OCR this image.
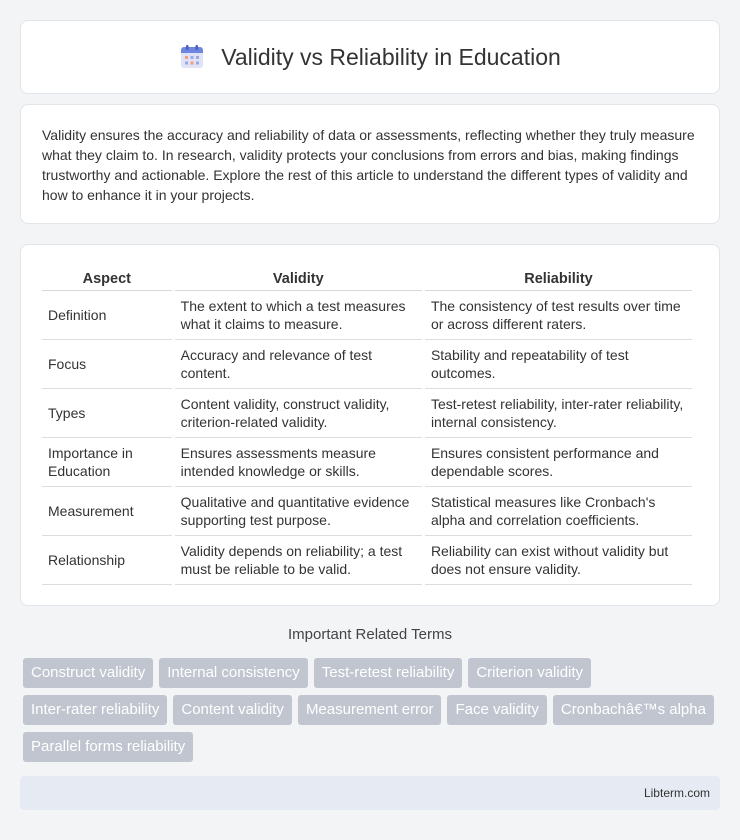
Validity vs Reliability in Education

Validity ensures the accuracy and reliability of data or assessments, reflecting whether they truly measure what they claim to. In research, validity protects your conclusions from errors and bias, making findings trustworthy and actionable. Explore the rest of this article to understand the different types of validity and how to enhance it in your projects.

Aspect	Validity	Reliability
Definition	The extent to which a test measures what it claims to measure.	The consistency of test results over time or across different raters.
Focus	Accuracy and relevance of test content.	Stability and repeatability of test outcomes.
Types	Content validity, construct validity, criterion-related validity.	Test-retest reliability, inter-rater reliability, internal consistency.
Importance in Education	Ensures assessments measure intended knowledge or skills.	Ensures consistent performance and dependable scores.
Measurement	Qualitative and quantitative evidence supporting test purpose.	Statistical measures like Cronbach's alpha and correlation coefficients.
Relationship	Validity depends on reliability; a test must be reliable to be valid.	Reliability can exist without validity but does not ensure validity.
Important Related Terms
Construct validity	Internal consistency	Test-retest reliability	Criterion validity
Inter-rater reliability	Content validity	Measurement error	Face validity	Cronbachâ€™s alpha
Parallel forms reliability
Libterm.com
